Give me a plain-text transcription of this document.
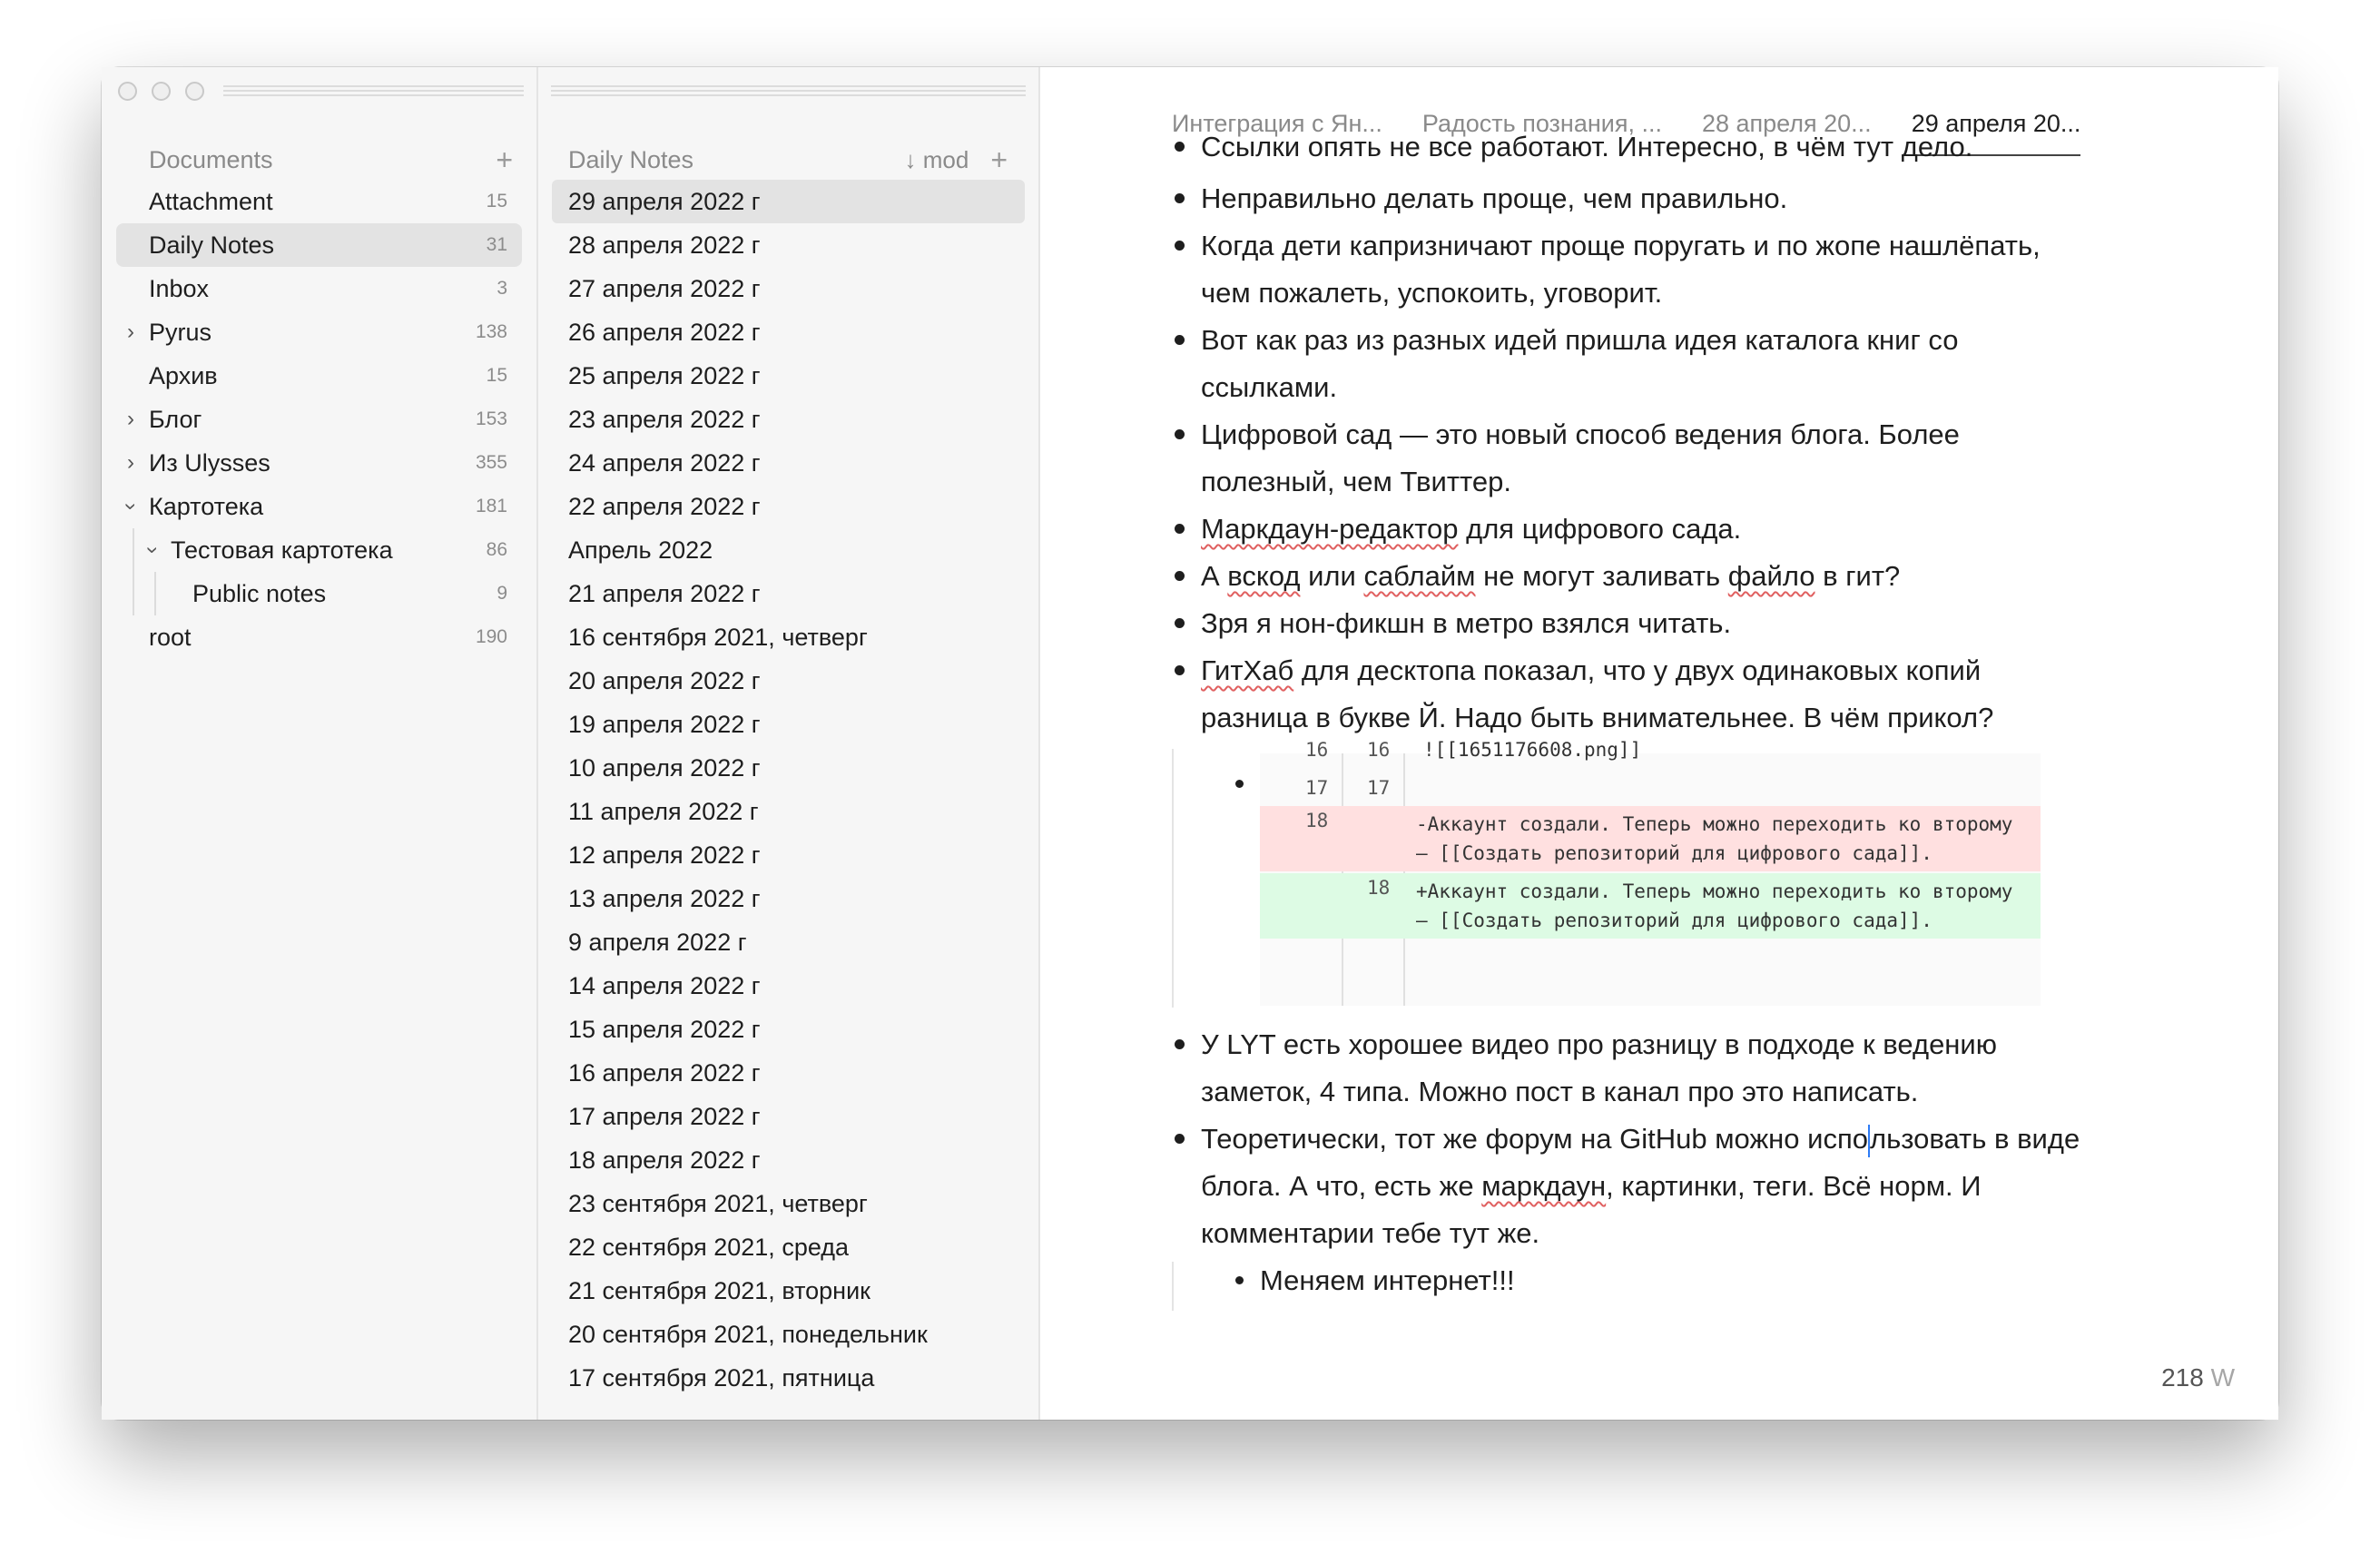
Documents	+
Attachment	15
Daily Notes	31
Inbox	3
› Pyrus	138
Архив	15
› Блог	153
› Из Ulysses	355
› Картотека	181
› Тестовая картотека	86
Public notes	9
root	190
Daily Notes	↓ mod +
29 апреля 2022 г
28 апреля 2022 г
27 апреля 2022 г
26 апреля 2022 г
25 апреля 2022 г
23 апреля 2022 г
24 апреля 2022 г
22 апреля 2022 г
Апрель 2022
21 апреля 2022 г
16 сентября 2021, четверг
20 апреля 2022 г
19 апреля 2022 г
10 апреля 2022 г
11 апреля 2022 г
12 апреля 2022 г
13 апреля 2022 г
9 апреля 2022 г
14 апреля 2022 г
15 апреля 2022 г
16 апреля 2022 г
17 апреля 2022 г
18 апреля 2022 г
23 сентября 2021, четверг
22 сентября 2021, среда
21 сентября 2021, вторник
20 сентября 2021, понедельник
17 сентября 2021, пятница
Интеграция с Ян... Радость познания, ... 28 апреля 20... 29 апреля 20...
Ссылки опять не все работают. Интересно, в чём тут дело.
Неправильно делать проще, чем правильно.
Когда дети капризничают проще поругать и по жопе нашлёпать,
чем пожалеть, успокоить, уговорит.
Вот как раз из разных идей пришла идея каталога книг со
ссылками.
Цифровой сад — это новый способ ведения блога. Более
полезный, чем Твиттер.
Маркдаун-редактор для цифрового сада.
А вскод или саблайм не могут заливать файло в гит?
Зря я нон-фикшн в метро взялся читать.
ГитХаб для десктопа показал, что у двух одинаковых копий
разница в букве Й. Надо быть внимательнее. В чём прикол?
16 16 ![[1651176608.png]]
17 17
18	-Аккаунт создали. Теперь можно переходить ко второму
— [[Создать репозиторий для цифрового сада]].
18 +Аккаунт создали. Теперь можно переходить ко второму
— [[Создать репозиторий для цифрового сада]].
У LYT есть хорошее видео про разницу в подходе к ведению
заметок, 4 типа. Можно пост в канал про это написать.
Теоретически, тот же форум на GitHub можно использовать в виде
блога. А что, есть же маркдаун, картинки, теги. Всё норм. И
комментарии тебе тут же.
Меняем интернет!!!
218 W
